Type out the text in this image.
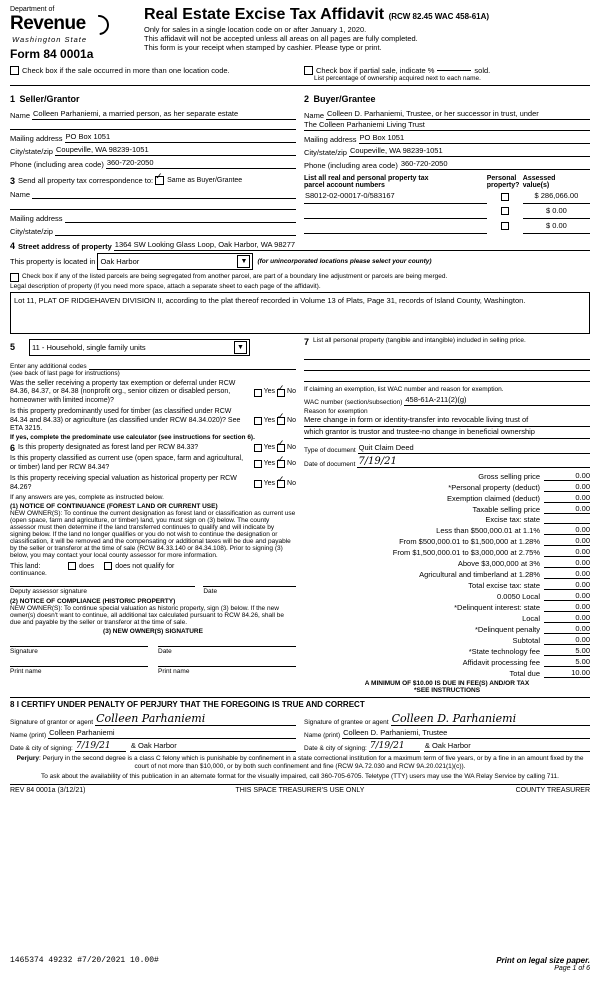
Department of
Revenue
Washington State
Form 84 0001a
Real Estate Excise Tax Affidavit (RCW 82.45 WAC 458-61A)
Only for sales in a single location code on or after January 1, 2020.
This affidavit will not be accepted unless all areas on all pages are fully completed.
This form is your receipt when stamped by cashier. Please type or print.
Check box if the sale occurred in more than one location code.	Check box if partial sale, indicate %	sold.
List percentage of ownership acquired next to each name.
1 Seller/Grantor
Name Colleen Parhaniemi, a married person, as her separate estate
Mailing address PO Box 1051
City/state/zip Coupeville, WA 98239-1051
Phone (including area code) 360-720-2050
2 Buyer/Grantee
Name Colleen D. Parhaniemi, Trustee, or her successor in trust, under
The Colleen Parhaniemi Living Trust
Mailing address PO Box 1051
City/state/zip Coupeville, WA 98239-1051
Phone (including area code) 360-720-2050
3 Send all property tax correspondence to: ✓ Same as Buyer/Grantee
Name
Mailing address
City/state/zip
List all real and personal property tax
parcel account numbers

Personal
property?

Assessed
value(s)

S8012-02-00017-0/583167		$ 286,066.00
		$ 0.00
		$ 0.00
4 Street address of property 1364 SW Looking Glass Loop, Oak Harbor, WA 98277
This property is located in Oak Harbor	▼	(for unincorporated locations please select your county)
Check box if any of the listed parcels are being segregated from another parcel, are part of a boundary line adjustment or parcels are being merged.
Legal description of property (if you need more space, attach a separate sheet to each page of the affidavit).
Lot 11, PLAT OF RIDGEHAVEN DIVISION II, according to the plat thereof recorded in Volume 13 of Plats, Page 31, records of Island County, Washington.
5 11 - Household, single family units	▼
Enter any additional codes
(see back of last page for instructions)
Was the seller receiving a property tax exemption or deferral under RCW 84.36, 84.37, or 84.38 (nonprofit org., senior citizen or disabled person, homeowner with limited income)?
Yes ✓ No
Is this property predominantly used for timber (as classified under RCW 84.34 and 84.33) or agriculture (as classified under RCW 84.34.020)? See ETA 3215.
Yes ✓ No
If yes, complete the predominate use calculator (see instructions for section 6).
6 Is this property designated as forest land per RCW 84.33?	Yes ✓ No
Is this property classified as current use (open space, farm and agricultural, or timber) land per RCW 84.34?
Yes ✓ No
Is this property receiving special valuation as historical property per RCW 84.26?
Yes ✓ No
If any answers are yes, complete as instructed below.
(1) NOTICE OF CONTINUANCE (FOREST LAND OR CURRENT USE)
NEW OWNER(S): To continue the current designation as forest land or classification as current use (open space, farm and agriculture, or timber) land, you must sign on (3) below. The county assessor must then determine if the land transferred continues to qualify and will indicate by signing below. If the land no longer qualifies or you do not wish to continue the designation or classification, it will be removed and the compensating or additional taxes will be due and payable by the seller or transferor at the time of sale (RCW 84.33.140 or 84.34.108). Prior to signing (3) below, you may contact your local county assessor for more information.
This land:	does	does not qualify for
continuance.
Deputy assessor signature	Date
(2) NOTICE OF COMPLIANCE (HISTORIC PROPERTY)
NEW OWNER(S): To continue special valuation as historic property, sign (3) below. If the new owner(s) doesn't want to continue, all additional tax calculated pursuant to RCW 84.26, shall be due and payable by the seller or transferor at the time of sale.
(3) NEW OWNER(S) SIGNATURE
Signature	Date
Print name	Print name
7 List all personal property (tangible and intangible) included in selling price.
If claiming an exemption, list WAC number and reason for exemption.
WAC number (section/subsection) 458-61A-211(2)(g)
Reason for exemption
Mere change in form or identity-transfer into revocable living trust of
which grantor is trustor and trustee-no change in beneficial ownership
Type of document Quit Claim Deed
Date of document 7/19/21
Gross selling price	0.00
*Personal property (deduct)	0.00
Exemption claimed (deduct)	0.00
Taxable selling price	0.00
Excise tax: state
Less than $500,000.01 at 1.1%	0.00
From $500,000.01 to $1,500,000 at 1.28%	0.00
From $1,500,000.01 to $3,000,000 at 2.75%	0.00
Above $3,000,000 at 3%	0.00
Agricultural and timberland at 1.28%	0.00
Total excise tax: state	0.00
0.0050 Local	0.00
*Delinquent interest: state	0.00
Local	0.00
*Delinquent penalty	0.00
Subtotal	0.00
*State technology fee	5.00
Affidavit processing fee	5.00
Total due	10.00
A MINIMUM OF $10.00 IS DUE IN FEE(S) AND/OR TAX
*SEE INSTRUCTIONS
8 I CERTIFY UNDER PENALTY OF PERJURY THAT THE FOREGOING IS TRUE AND CORRECT
Signature of grantor or agent Colleen Parhaniemi
Name (print) Colleen Parhaniemi
Date & city of signing: 7/19/21	& Oak Harbor
Signature of grantee or agent Colleen D. Parhaniemi
Name (print) Colleen D. Parhaniemi, Trustee
Date & city of signing: 7/19/21	& Oak Harbor
Perjury: Perjury in the second degree is a class C felony which is punishable by confinement in a state correctional institution for a maximum term of five years, or by a fine in an amount fixed by the court of not more than $10,000, or by both such confinement and fine (RCW 9A.72.030 and RCW 9A.20.021(1)(c)).
To ask about the availability of this publication in an alternate format for the visually impaired, call 360-705-6705. Teletype (TTY) users may use the WA Relay Service by calling 711.
REV 84 0001a (3/12/21)	THIS SPACE TREASURER'S USE ONLY	COUNTY TREASURER
1465374 49232 #7/20/2021 10.00#	Print on legal size paper.
Page 1 of 6
